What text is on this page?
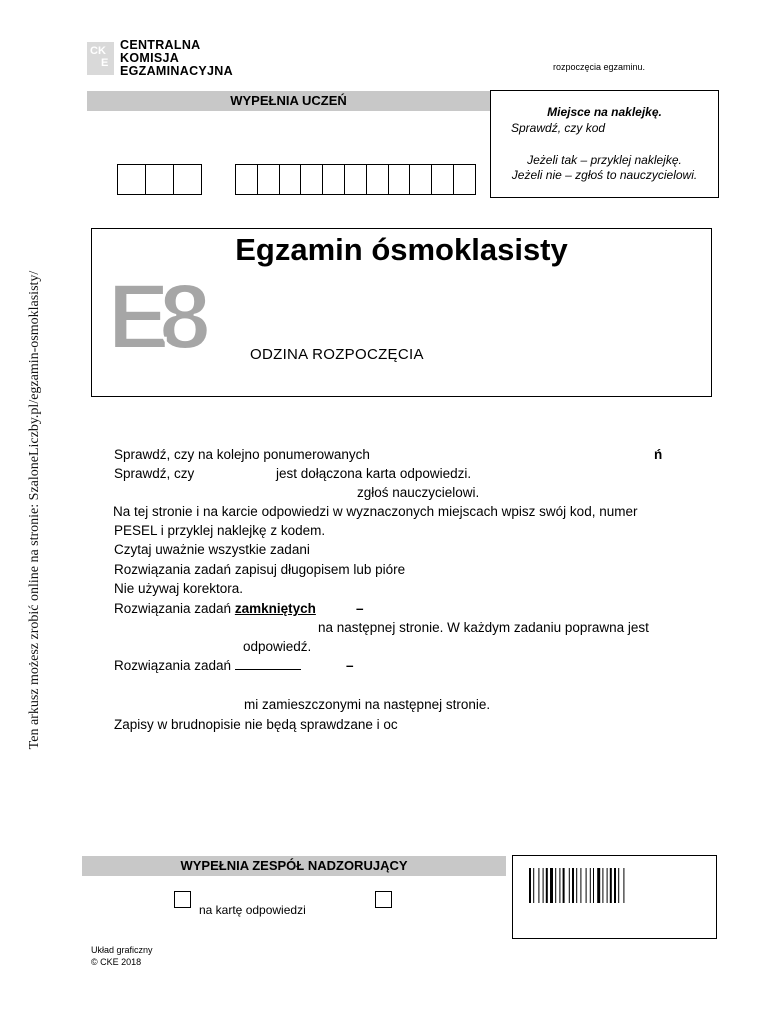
CK
E
CENTRALNA
KOMISJA
EGZAMINACYJNA	rozpoczęcia egzaminu.
WYPEŁNIA UCZEŃ
Miejsce na naklejkę.
Sprawdź, czy kod
Jeżeli tak – przyklej naklejkę.
Jeżeli nie – zgłoś to nauczycielowi.
Egzamin ósmoklasisty
E8	ODZINA ROZPOCZĘCIA
Sprawdź, czy na kolejno ponumerowanych	ń
Sprawdź, czy	jest dołączona karta odpowiedzi.
zgłoś nauczycielowi.
Na tej stronie i na karcie odpowiedzi w wyznaczonych miejscach wpisz swój kod, numer
PESEL i przyklej naklejkę z kodem.
Czytaj uważnie wszystkie zadani
Rozwiązania zadań zapisuj długopisem lub pióre
Nie używaj korektora.
Rozwiązania zadań zamkniętych	–
na następnej stronie. W każdym zadaniu poprawna jest
odpowiedź.
Rozwiązania zadań	–
mi zamieszczonymi na następnej stronie.
Zapisy w brudnopisie nie będą sprawdzane i oc
WYPEŁNIA ZESPÓŁ NADZORUJĄCY
na kartę odpowiedzi
Układ graficzny
© CKE 2018
Ten arkusz możesz zrobić online na stronie: SzaloneLiczby.pl/egzamin-osmoklasisty/
